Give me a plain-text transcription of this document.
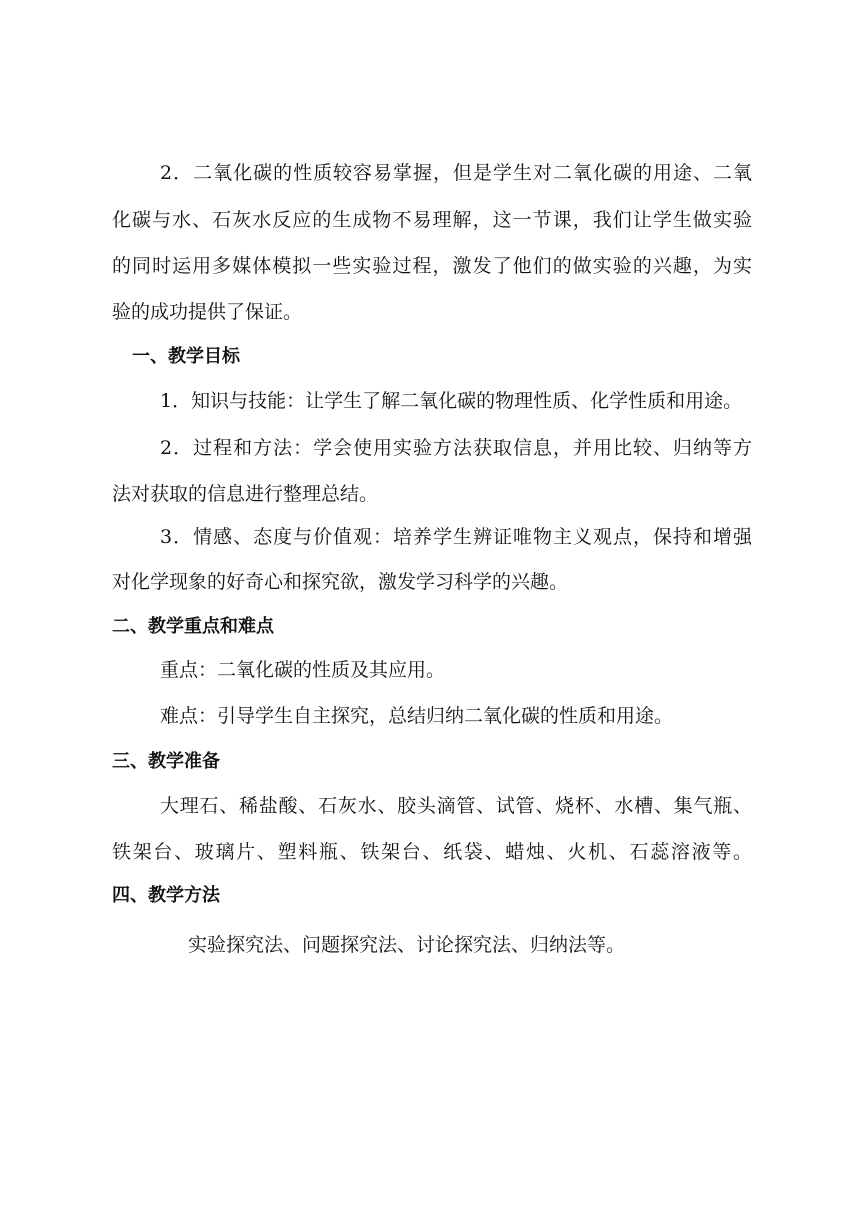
2．二氧化碳的性质较容易掌握，但是学生对二氧化碳的用途、二氧
化碳与水、石灰水反应的生成物不易理解，这一节课，我们让学生做实验
的同时运用多媒体模拟一些实验过程，激发了他们的做实验的兴趣，为实
验的成功提供了保证。
一、教学目标
1．知识与技能：让学生了解二氧化碳的物理性质、化学性质和用途。
2．过程和方法：学会使用实验方法获取信息，并用比较、归纳等方
法对获取的信息进行整理总结。
3．情感、态度与价值观：培养学生辨证唯物主义观点，保持和增强
对化学现象的好奇心和探究欲，激发学习科学的兴趣。
二、教学重点和难点
重点：二氧化碳的性质及其应用。
难点：引导学生自主探究，总结归纳二氧化碳的性质和用途。
三、教学准备
大理石、稀盐酸、石灰水、胶头滴管、试管、烧杯、水槽、集气瓶、
铁架台、玻璃片、塑料瓶、铁架台、纸袋、蜡烛、火机、石蕊溶液等。
四、教学方法
实验探究法、问题探究法、讨论探究法、归纳法等。
